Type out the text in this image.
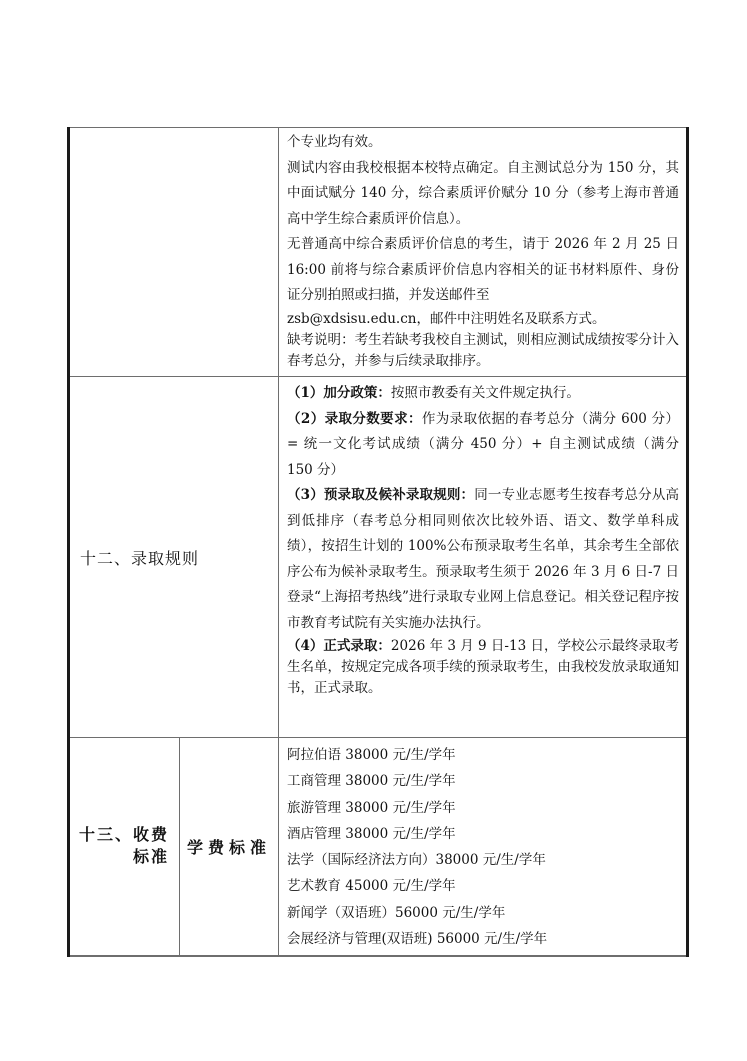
		个专业均有效。

测试内容由我校根据本校特点确定。自主测试总分为 150 分，其中面试赋分 140 分，综合素质评价赋分 10 分（参考上海市普通高中学生综合素质评价信息）。

无普通高中综合素质评价信息的考生，请于 2026 年 2 月 25 日 16:00 前将与综合素质评价信息内容相关的证书材料原件、身份证分别拍照或扫描，并发送邮件至

zsb@xdsisu.edu.cn，邮件中注明姓名及联系方式。

缺考说明：考生若缺考我校自主测试，则相应测试成绩按零分计入春考总分，并参与后续录取排序。

十二、录取规则		（1）加分政策：按照市教委有关文件规定执行。

（2）录取分数要求：作为录取依据的春考总分（满分 600 分）= 统一文化考试成绩（满分 450 分）+ 自主测试成绩（满分 150 分）

（3）预录取及候补录取规则：同一专业志愿考生按春考总分从高到低排序（春考总分相同则依次比较外语、语文、数学单科成绩），按招生计划的 100%公布预录取考生名单，其余考生全部依序公布为候补录取考生。预录取考生须于 2026 年 3 月 6 日-7 日登录“上海招考热线”进行录取专业网上信息登记。相关登记程序按市教育考试院有关实施办法执行。

（4）正式录取：2026 年 3 月 9 日-13 日，学校公示最终录取考生名单，按规定完成各项手续的预录取考生，由我校发放录取通知书，正式录取。

十三、收费
标准	学费标准	
阿拉伯语 38000 元/生/学年
工商管理 38000 元/生/学年
旅游管理 38000 元/生/学年
酒店管理 38000 元/生/学年
法学（国际经济法方向）38000 元/生/学年
艺术教育 45000 元/生/学年
新闻学（双语班）56000 元/生/学年
会展经济与管理(双语班) 56000 元/生/学年
